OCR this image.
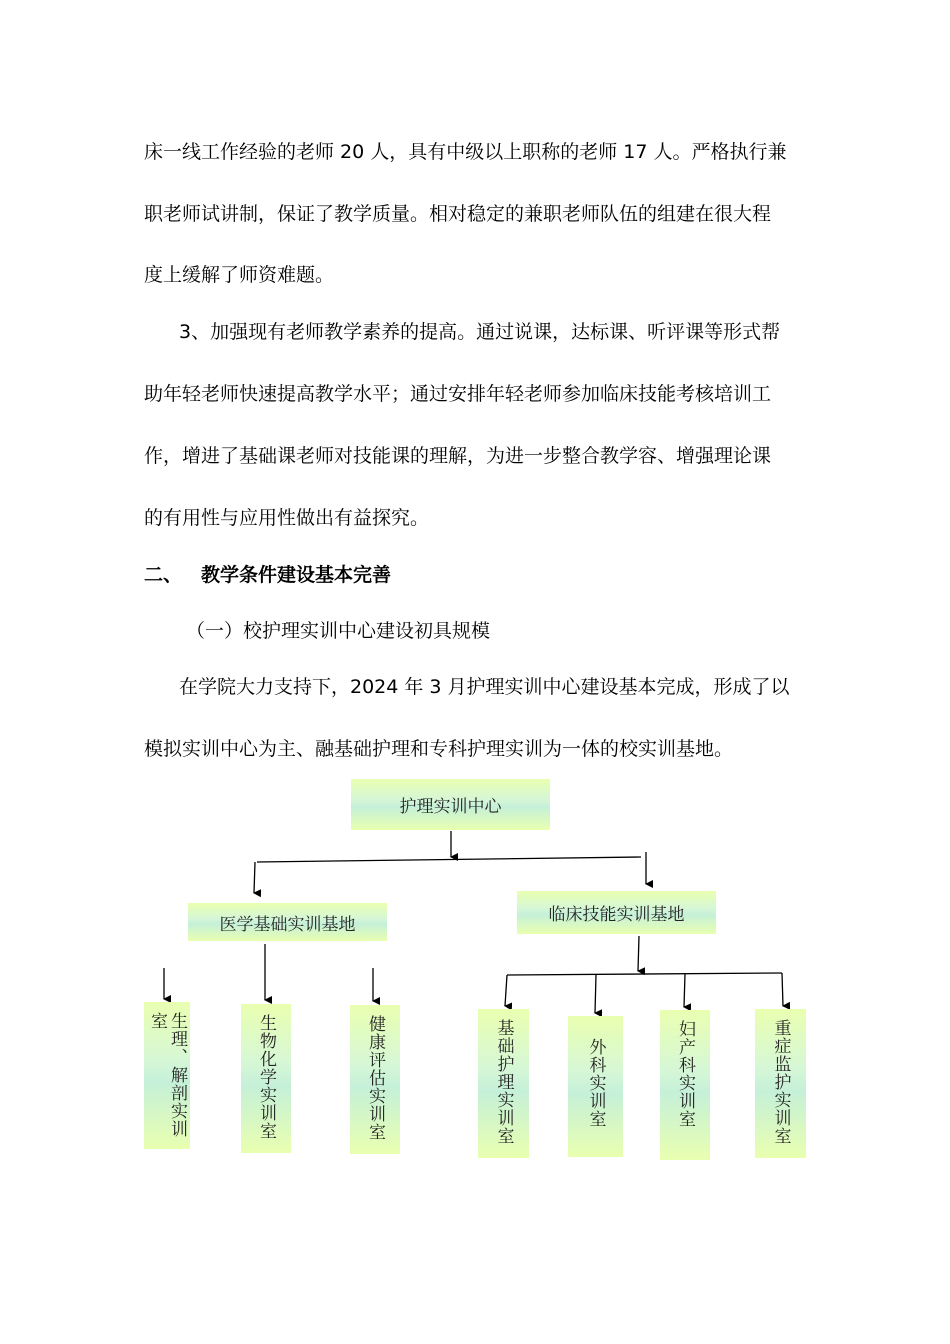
床一线工作经验的老师 20 人，具有中级以上职称的老师 17 人。严格执行兼
职老师试讲制，保证了教学质量。相对稳定的兼职老师队伍的组建在很大程
度上缓解了师资难题。
3、加强现有老师教学素养的提高。通过说课，达标课、听评课等形式帮
助年轻老师快速提高教学水平；通过安排年轻老师参加临床技能考核培训工
作，增进了基础课老师对技能课的理解，为进一步整合教学容、增强理论课
的有用性与应用性做出有益探究。
二、 教学条件建设基本完善
（一）校护理实训中心建设初具规模
在学院大力支持下，2024 年 3 月护理实训中心建设基本完成，形成了以
模拟实训中心为主、融基础护理和专科护理实训为一体的校实训基地。
护理实训中心
医学基础实训基地	临床技能实训基地
生理、解剖实训室	生物化学实训室	健康评估实训室	基础护理实训室	外科实训室	妇产科实训室	重症监护实训室
